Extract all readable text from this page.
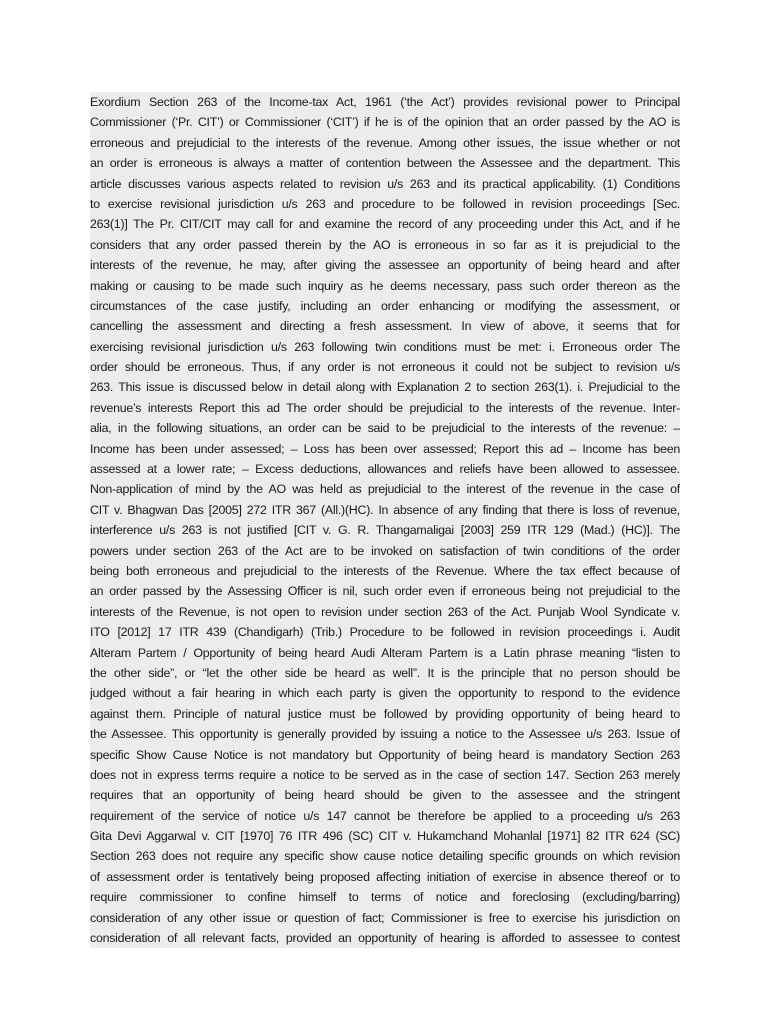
Exordium Section 263 of the Income-tax Act, 1961 (‘the Act’) provides revisional power to Principal
Commissioner (‘Pr. CIT’) or Commissioner (‘CIT’) if he is of the opinion that an order passed by the AO is
erroneous and prejudicial to the interests of the revenue. Among other issues, the issue whether or not
an order is erroneous is always a matter of contention between the Assessee and the department. This
article discusses various aspects related to revision u/s 263 and its practical applicability. (1) Conditions
to exercise revisional jurisdiction u/s 263 and procedure to be followed in revision proceedings [Sec.
263(1)] The Pr. CIT/CIT may call for and examine the record of any proceeding under this Act, and if he
considers that any order passed therein by the AO is erroneous in so far as it is prejudicial to the
interests of the revenue, he may, after giving the assessee an opportunity of being heard and after
making or causing to be made such inquiry as he deems necessary, pass such order thereon as the
circumstances of the case justify, including an order enhancing or modifying the assessment, or
cancelling the assessment and directing a fresh assessment. In view of above, it seems that for
exercising revisional jurisdiction u/s 263 following twin conditions must be met: i. Erroneous order The
order should be erroneous. Thus, if any order is not erroneous it could not be subject to revision u/s
263. This issue is discussed below in detail along with Explanation 2 to section 263(1). i. Prejudicial to the
revenue’s interests Report this ad The order should be prejudicial to the interests of the revenue. Inter-
alia, in the following situations, an order can be said to be prejudicial to the interests of the revenue: –
Income has been under assessed; – Loss has been over assessed; Report this ad – Income has been
assessed at a lower rate; – Excess deductions, allowances and reliefs have been allowed to assessee.
Non-application of mind by the AO was held as prejudicial to the interest of the revenue in the case of
CIT v. Bhagwan Das [2005] 272 ITR 367 (All.)(HC). In absence of any finding that there is loss of revenue,
interference u/s 263 is not justified [CIT v. G. R. Thangamaligai [2003] 259 ITR 129 (Mad.) (HC)]. The
powers under section 263 of the Act are to be invoked on satisfaction of twin conditions of the order
being both erroneous and prejudicial to the interests of the Revenue. Where the tax effect because of
an order passed by the Assessing Officer is nil, such order even if erroneous being not prejudicial to the
interests of the Revenue, is not open to revision under section 263 of the Act. Punjab Wool Syndicate v.
ITO [2012] 17 ITR 439 (Chandigarh) (Trib.) Procedure to be followed in revision proceedings i. Audit
Alteram Partem / Opportunity of being heard Audi Alteram Partem is a Latin phrase meaning “listen to
the other side”, or “let the other side be heard as well”. It is the principle that no person should be
judged without a fair hearing in which each party is given the opportunity to respond to the evidence
against them. Principle of natural justice must be followed by providing opportunity of being heard to
the Assessee. This opportunity is generally provided by issuing a notice to the Assessee u/s 263. Issue of
specific Show Cause Notice is not mandatory but Opportunity of being heard is mandatory Section 263
does not in express terms require a notice to be served as in the case of section 147. Section 263 merely
requires that an opportunity of being heard should be given to the assessee and the stringent
requirement of the service of notice u/s 147 cannot be therefore be applied to a proceeding u/s 263
Gita Devi Aggarwal v. CIT [1970] 76 ITR 496 (SC) CIT v. Hukamchand Mohanlal [1971] 82 ITR 624 (SC)
Section 263 does not require any specific show cause notice detailing specific grounds on which revision
of assessment order is tentatively being proposed affecting initiation of exercise in absence thereof or to
require commissioner to confine himself to terms of notice and foreclosing (excluding/barring)
consideration of any other issue or question of fact; Commissioner is free to exercise his jurisdiction on
consideration of all relevant facts, provided an opportunity of hearing is afforded to assessee to contest
